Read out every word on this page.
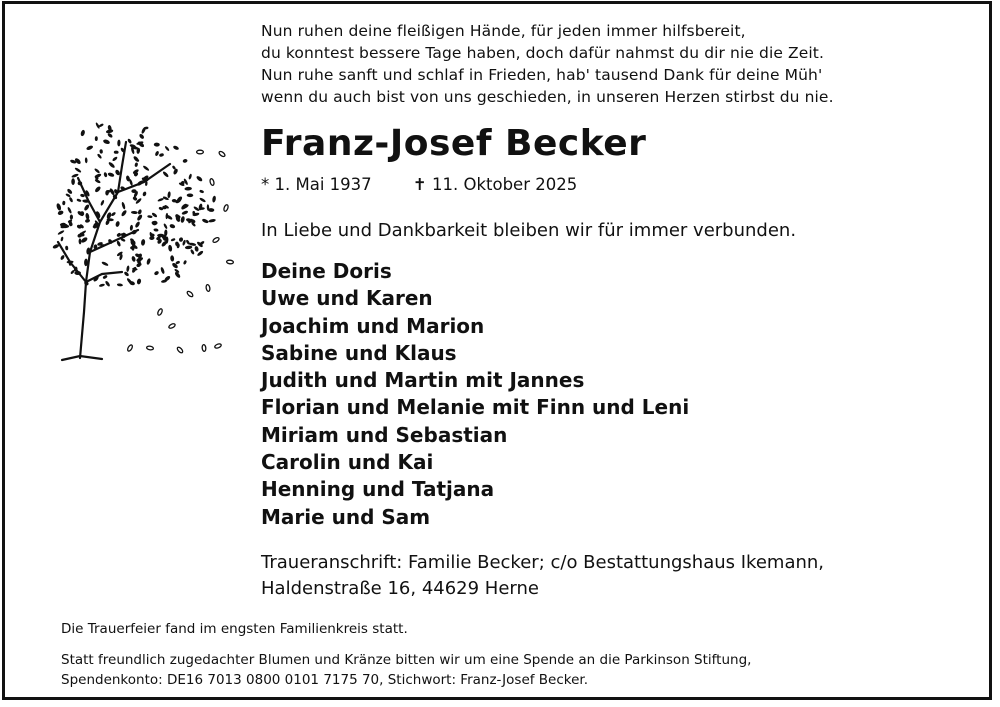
Nun ruhen deine fleißigen Hände, für jeden immer hilfsbereit,
du konntest bessere Tage haben, doch dafür nahmst du dir nie die Zeit.
Nun ruhe sanft und schlaf in Frieden, hab' tausend Dank für deine Müh'
wenn du auch bist von uns geschieden, in unseren Herzen stirbst du nie.
Franz-Josef Becker
* 1. Mai 1937	✝ 11. Oktober 2025
In Liebe und Dankbarkeit bleiben wir für immer verbunden.
Deine Doris
Uwe und Karen
Joachim und Marion
Sabine und Klaus
Judith und Martin mit Jannes
Florian und Melanie mit Finn und Leni
Miriam und Sebastian
Carolin und Kai
Henning und Tatjana
Marie und Sam
Traueranschrift: Familie Becker; c/o Bestattungshaus Ikemann,
Haldenstraße 16, 44629 Herne
Die Trauerfeier fand im engsten Familienkreis statt.
Statt freundlich zugedachter Blumen und Kränze bitten wir um eine Spende an die Parkinson Stiftung,
Spendenkonto: DE16 7013 0800 0101 7175 70, Stichwort: Franz-Josef Becker.
